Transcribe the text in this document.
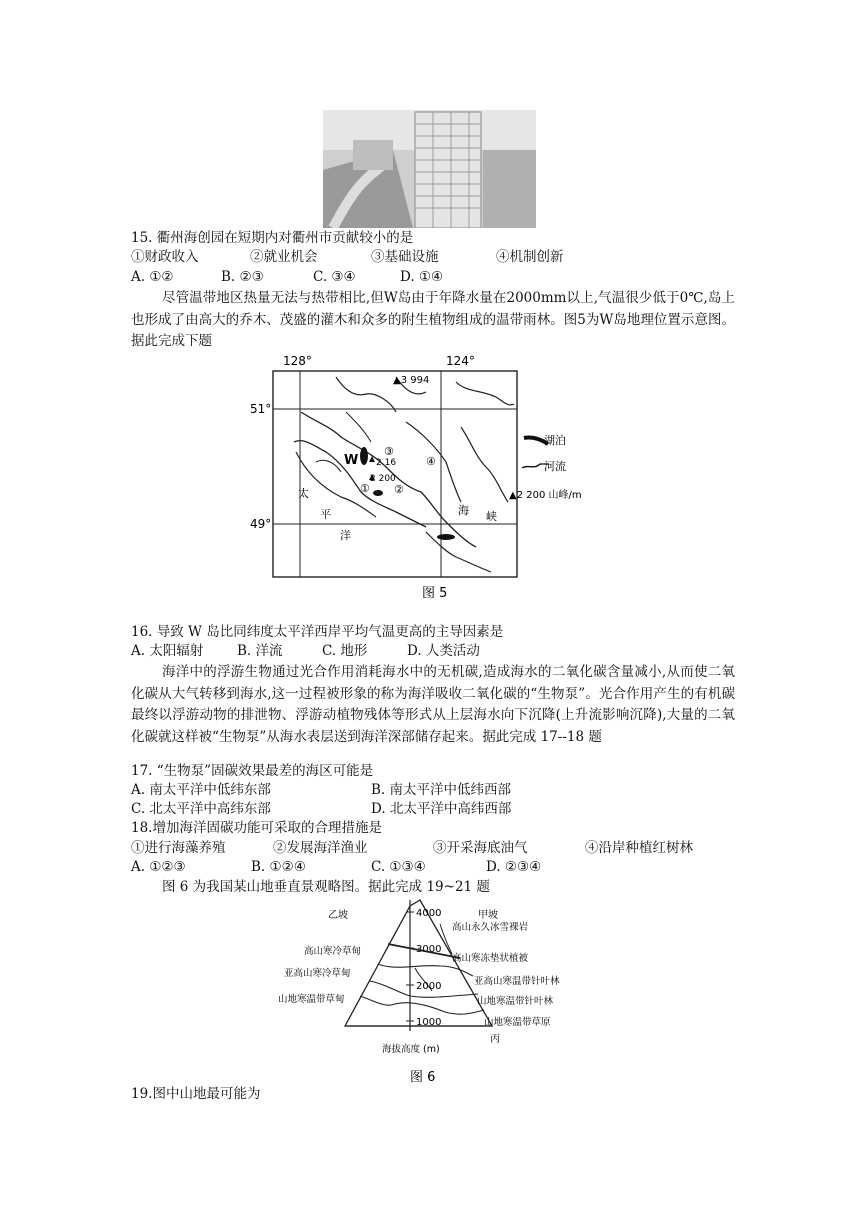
15. 衢州海创园在短期内对衢州市贡献较小的是
①财政收入	②就业机会	③基础设施	④机制创新
A. ①②	B. ②③	C. ③④	D. ①④
尽管温带地区热量无法与热带相比,但W岛由于年降水量在2000mm以上,气温很少低于0℃,岛上也形成了由高大的乔木、茂盛的灌木和众多的附生植物组成的温带雨林。图5为W岛地理位置示意图。据此完成下题
湖泊
河流
▲2 200 山峰/m
128°	124°
51°
49°
▲3 994
2 16
2 200
W
① ②
③
④
太
平
洋
海 峡
图 5
16. 导致 W 岛比同纬度太平洋西岸平均气温更高的主导因素是
A. 太阳辐射 B. 洋流	C. 地形	D. 人类活动
海洋中的浮游生物通过光合作用消耗海水中的无机碳,造成海水的二氧化碳含量减小,从而使二氧化碳从大气转移到海水,这一过程被形象的称为海洋吸收二氧化碳的“生物泵”。光合作用产生的有机碳最终以浮游动物的排泄物、浮游动植物残体等形式从上层海水向下沉降(上升流影响沉降),大量的二氧化碳就这样被“生物泵”从海水表层送到海洋深部储存起来。据此完成 17--18 题
17. “生物泵”固碳效果最差的海区可能是
A. 南太平洋中低纬东部	B. 南太平洋中低纬西部
C. 北太平洋中高纬东部	D. 北太平洋中高纬西部
18.增加海洋固碳功能可采取的合理措施是
①进行海藻养殖	②发展海洋渔业	③开采海底油气	④沿岸种植红树林
A. ①②③	B. ①②④	C. ①③④	D. ②③④
图 6 为我国某山地垂直景观略图。据此完成 19~21 题
4000
3000
2000
1000
乙坡	甲坡
高山永久冰雪裸岩
高山寒冻垫状植被
亚高山寒温带针叶林
山地寒温带针叶林
山地寒温带草原
高山寒冷草甸
亚高山寒冷草甸
山地寒温带草甸
海拔高度 (m)
丙
图 6
19.图中山地最可能为
